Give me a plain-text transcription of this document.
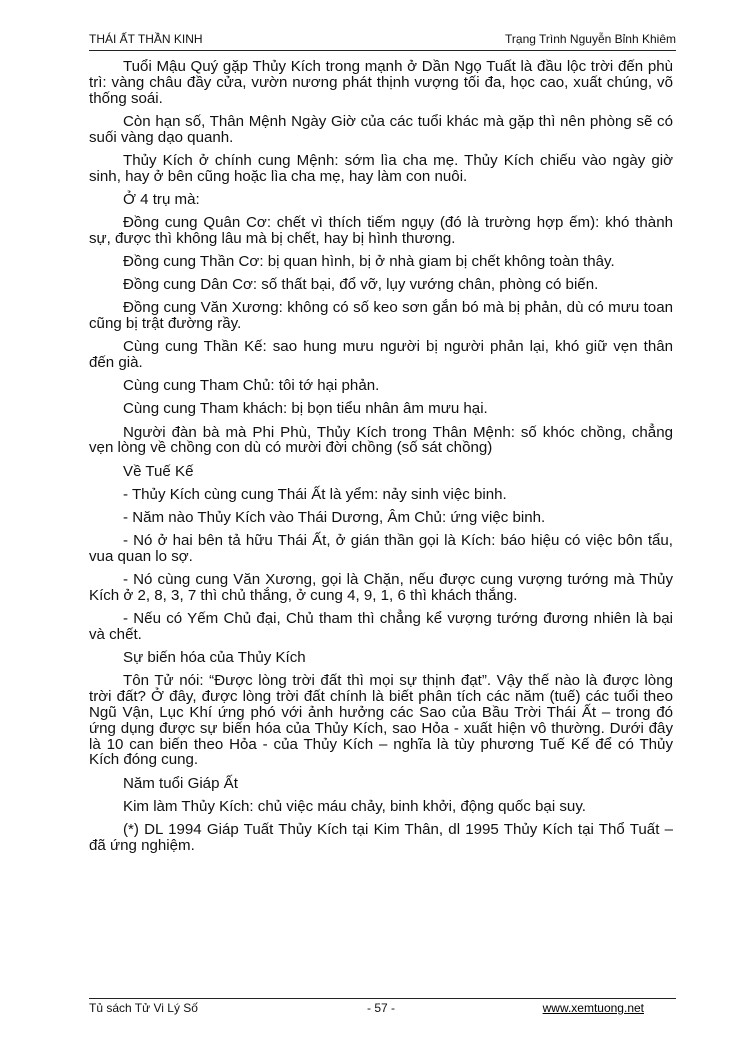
THÁI ẤT THẦN KINH	Trạng Trình Nguyễn Bỉnh Khiêm

Tuổi Mậu Quý gặp Thủy Kích trong mạnh ở Dần Ngọ Tuất là đầu lộc trời đến phù trì: vàng châu đầy cửa, vườn nương phát thịnh vượng tối đa, học cao, xuất chúng, võ thống soái.

Còn hạn số, Thân Mệnh Ngày Giờ của các tuổi khác mà gặp thì nên phòng sẽ có suối vàng dạo quanh.

Thủy Kích ở chính cung Mệnh: sớm lìa cha mẹ. Thủy Kích chiếu vào ngày giờ sinh, hay ở bên cũng hoặc lìa cha mẹ, hay làm con nuôi.

Ở 4 trụ mà:

Đồng cung Quân Cơ: chết vì thích tiếm ngụy (đó là trường hợp ếm): khó thành sự, được thì không lâu mà bị chết, hay bị hình thương.

Đồng cung Thần Cơ: bị quan hình, bị ở nhà giam bị chết không toàn thây.

Đồng cung Dân Cơ: số thất bại, đổ vỡ, lụy vướng chân, phòng có biến.

Đồng cung Văn Xương: không có số keo sơn gắn bó mà bị phản, dù có mưu toan cũng bị trật đường rầy.

Cùng cung Thần Kế: sao hung mưu người bị người phản lại, khó giữ vẹn thân đến già.

Cùng cung Tham Chủ: tôi tớ hại phản.

Cùng cung Tham khách: bị bọn tiểu nhân âm mưu hại.

Người đàn bà mà Phi Phù, Thủy Kích trong Thân Mệnh: số khóc chồng, chẳng vẹn lòng về chồng con dù có mười đời chồng (số sát chồng)

Về Tuế Kế

- Thủy Kích cùng cung Thái Ất là yểm: nảy sinh việc binh.

- Năm nào Thủy Kích vào Thái Dương, Âm Chủ: ứng việc binh.

- Nó ở hai bên tả hữu Thái Ất, ở gián thần gọi là Kích: báo hiệu có việc bôn tẩu, vua quan lo sợ.

- Nó cùng cung Văn Xương, gọi là Chặn, nếu được cung vượng tướng mà Thủy Kích ở 2, 8, 3, 7 thì chủ thắng, ở cung 4, 9, 1, 6 thì khách thắng.

- Nếu có Yếm Chủ đại, Chủ tham thì chẳng kể vượng tướng đương nhiên là bại và chết.

Sự biến hóa của Thủy Kích

Tôn Tử nói: “Được lòng trời đất thì mọi sự thịnh đạt”. Vậy thế nào là được lòng trời đất? Ở đây, được lòng trời đất chính là biết phân tích các năm (tuế) các tuổi theo Ngũ Vận, Lục Khí ứng phó với ảnh hưởng các Sao của Bầu Trời Thái Ất – trong đó ứng dụng được sự biến hóa của Thủy Kích, sao Hỏa - xuất hiện vô thường. Dưới đây là 10 can biến theo Hỏa - của Thủy Kích – nghĩa là tùy phương Tuế Kế để có Thủy Kích đóng cung.

Năm tuổi Giáp Ất

Kim làm Thủy Kích: chủ việc máu chảy, binh khởi, động quốc bại suy.

(*) DL 1994 Giáp Tuất Thủy Kích tại Kim Thân, dl 1995 Thủy Kích tại Thổ Tuất – đã ứng nghiệm.

Tủ sách Tử Vi Lý Số	- 57 -	www.xemtuong.net
